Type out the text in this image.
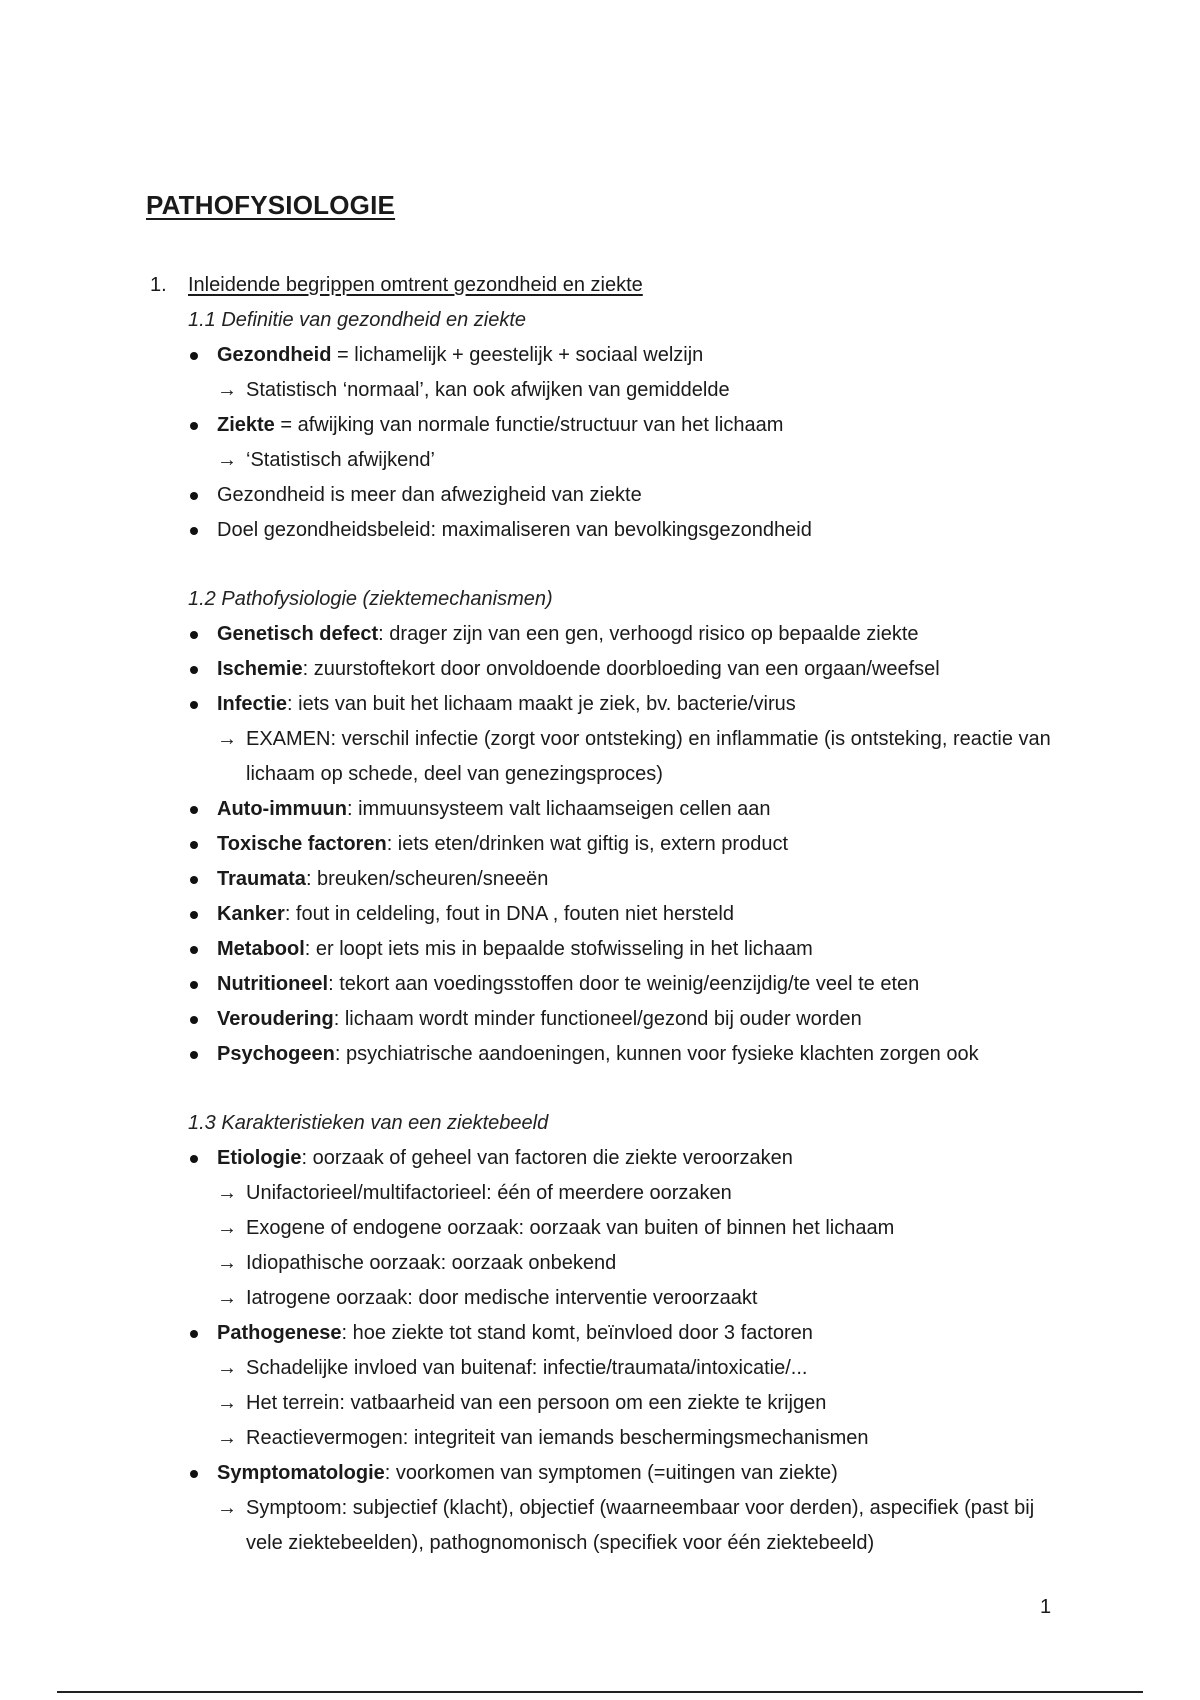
PATHOFYSIOLOGIE
1. Inleidende begrippen omtrent gezondheid en ziekte
1.1 Definitie van gezondheid en ziekte
Gezondheid = lichamelijk + geestelijk + sociaal welzijn
→ Statistisch ‘normaal’, kan ook afwijken van gemiddelde
Ziekte = afwijking van normale functie/structuur van het lichaam
→ ‘Statistisch afwijkend’
Gezondheid is meer dan afwezigheid van ziekte
Doel gezondheidsbeleid: maximaliseren van bevolkingsgezondheid
1.2 Pathofysiologie (ziektemechanismen)
Genetisch defect: drager zijn van een gen, verhoogd risico op bepaalde ziekte
Ischemie: zuurstoftekort door onvoldoende doorbloeding van een orgaan/weefsel
Infectie: iets van buit het lichaam maakt je ziek, bv. bacterie/virus
→ EXAMEN: verschil infectie (zorgt voor ontsteking) en inflammatie (is ontsteking, reactie van lichaam op schede, deel van genezingsproces)
Auto-immuun: immuunsysteem valt lichaamseigen cellen aan
Toxische factoren: iets eten/drinken wat giftig is, extern product
Traumata: breuken/scheuren/sneeën
Kanker: fout in celdeling, fout in DNA , fouten niet hersteld
Metabool: er loopt iets mis in bepaalde stofwisseling in het lichaam
Nutritioneel: tekort aan voedingsstoffen door te weinig/eenzijdig/te veel te eten
Veroudering: lichaam wordt minder functioneel/gezond bij ouder worden
Psychogeen: psychiatrische aandoeningen, kunnen voor fysieke klachten zorgen ook
1.3 Karakteristieken van een ziektebeeld
Etiologie: oorzaak of geheel van factoren die ziekte veroorzaken
→ Unifactorieel/multifactorieel: één of meerdere oorzaken
→ Exogene of endogene oorzaak: oorzaak van buiten of binnen het lichaam
→ Idiopathische oorzaak: oorzaak onbekend
→ Iatrogene oorzaak: door medische interventie veroorzaakt
Pathogenese: hoe ziekte tot stand komt, beïnvloed door 3 factoren
→ Schadelijke invloed van buitenaf: infectie/traumata/intoxicatie/...
→ Het terrein: vatbaarheid van een persoon om een ziekte te krijgen
→ Reactievermogen: integriteit van iemands beschermingsmechanismen
Symptomatologie: voorkomen van symptomen (=uitingen van ziekte)
→ Symptoom: subjectief (klacht), objectief (waarneembaar voor derden), aspecifiek (past bij vele ziektebeelden), pathognomonisch (specifiek voor één ziektebeeld)
1
